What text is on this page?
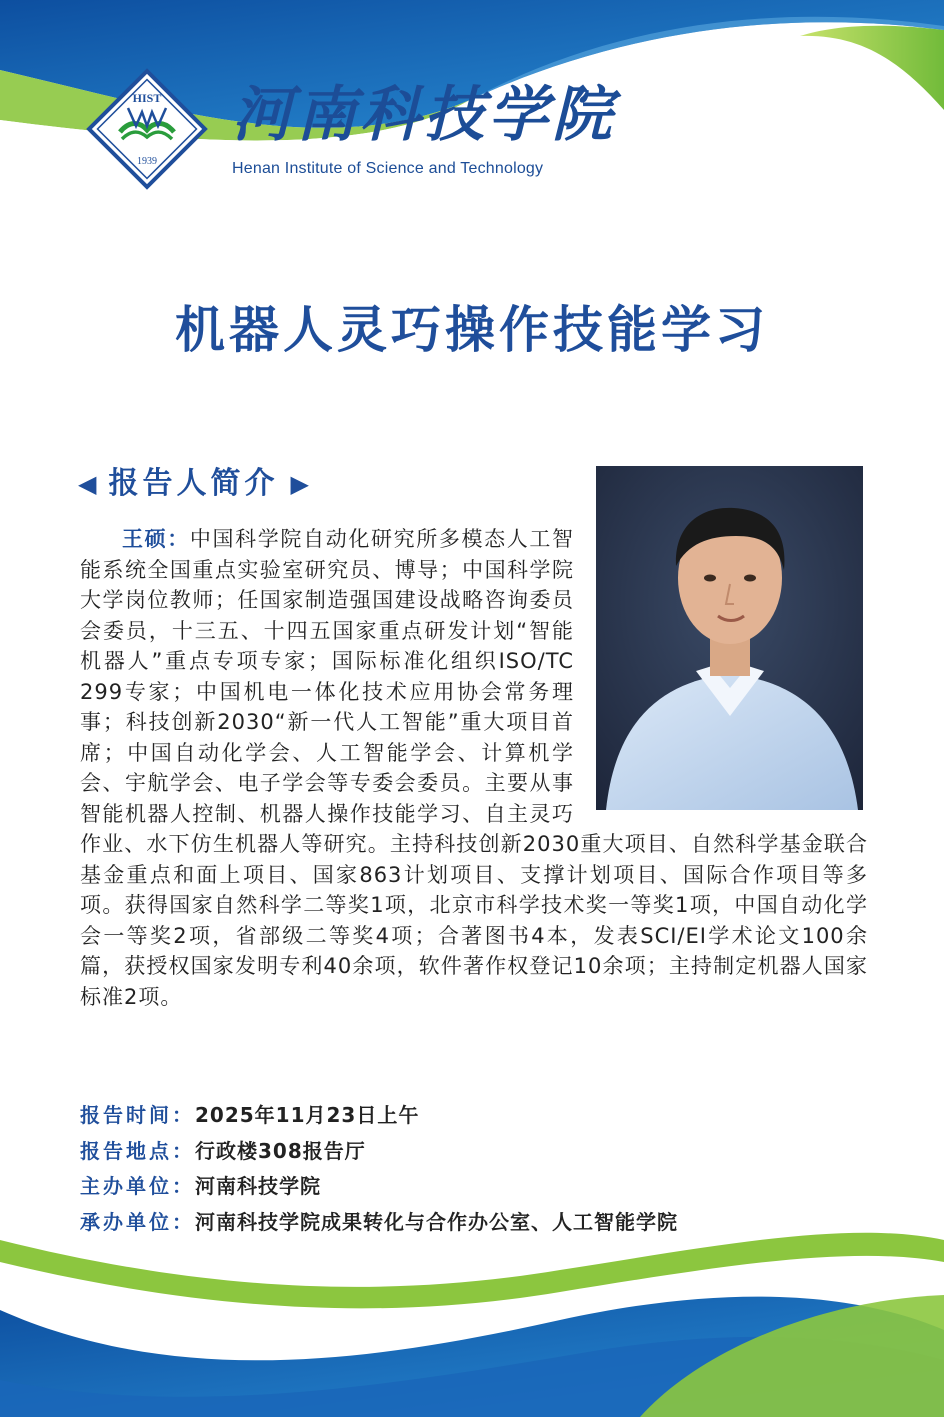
HIST
1939

河南科技学院

Henan Institute of Science and Technology

机器人灵巧操作技能学习
◀ 报告人简介 ▶

王硕：中国科学院自动化研究所多模态人工智能系统全国重点实验室研究员、博导；中国科学院大学岗位教师；任国家制造强国建设战略咨询委员会委员，十三五、十四五国家重点研发计划“智能机器人”重点专项专家；国际标准化组织ISO/TC 299专家；中国机电一体化技术应用协会常务理事；科技创新2030“新一代人工智能”重大项目首席；中国自动化学会、人工智能学会、计算机学会、宇航学会、电子学会等专委会委员。主要从事智能机器人控制、机器人操作技能学习、自主灵巧作业、水下仿生机器人等研究。主持科技创新2030重大项目、自然科学基金联合基金重点和面上项目、国家863计划项目、支撑计划项目、国际合作项目等多项。获得国家自然科学二等奖1项，北京市科学技术奖一等奖1项，中国自动化学会一等奖2项，省部级二等奖4项；合著图书4本，发表SCI/EI学术论文100余篇，获授权国家发明专利40余项，软件著作权登记10余项；主持制定机器人国家标准2项。

报告时间：2025年11月23日上午
报告地点：行政楼308报告厅
主办单位：河南科技学院
承办单位：河南科技学院成果转化与合作办公室、人工智能学院
